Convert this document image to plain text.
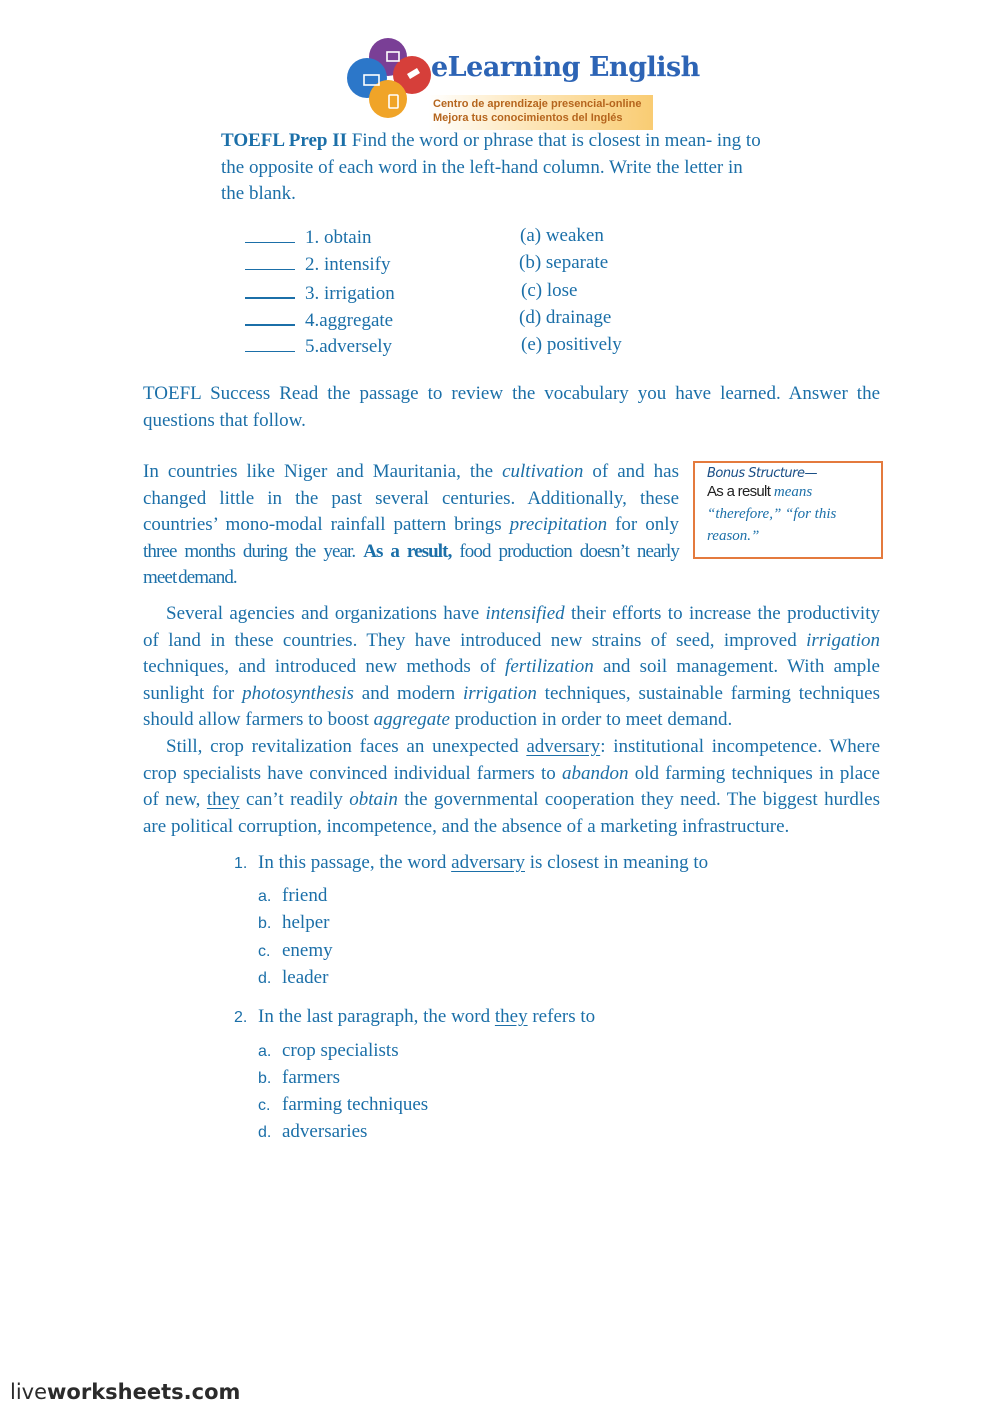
eLearning English
Centro de aprendizaje presencial-online
Mejora tus conocimientos del Inglés
TOEFL Prep II Find the word or phrase that is closest in mean- ing to
the opposite of each word in the left-hand column. Write the letter in
the blank.
1. obtain
2. intensify
3. irrigation
4.aggregate
5.adversely
(a) weaken
(b) separate
(c) lose
(d) drainage
(e) positively
TOEFL Success Read the passage to review the vocabulary you have learned. Answer the
questions that follow.
In countries like Niger and Mauritania, the cultivation of and has
changed little in the past several centuries. Additionally, these
countries’ mono-modal rainfall pattern brings precipitation for only
three months during the year. As a result, food production doesn’t nearly
meet demand.
Bonus Structure—
As a result means
“therefore,” “for this
reason.”
Several agencies and organizations have intensified their efforts to increase the productivity of land in these countries. They have introduced new strains of seed, improved irrigation techniques, and introduced new methods of fertilization and soil management. With ample sunlight for photosynthesis and modern irrigation techniques, sustainable farming techniques should allow farmers to boost aggregate production in order to meet demand.
Still, crop revitalization faces an unexpected adversary: institutional incompetence. Where crop specialists have convinced individual farmers to abandon old farming techniques in place of new, they can’t readily obtain the governmental cooperation they need. The biggest hurdles are political corruption, incompetence, and the absence of a marketing infrastructure.
1. In this passage, the word adversary is closest in meaning to
a. friend
b. helper
c. enemy
d. leader
2. In the last paragraph, the word they refers to
a. crop specialists
b. farmers
c. farming techniques
d. adversaries
liveworksheets.com
